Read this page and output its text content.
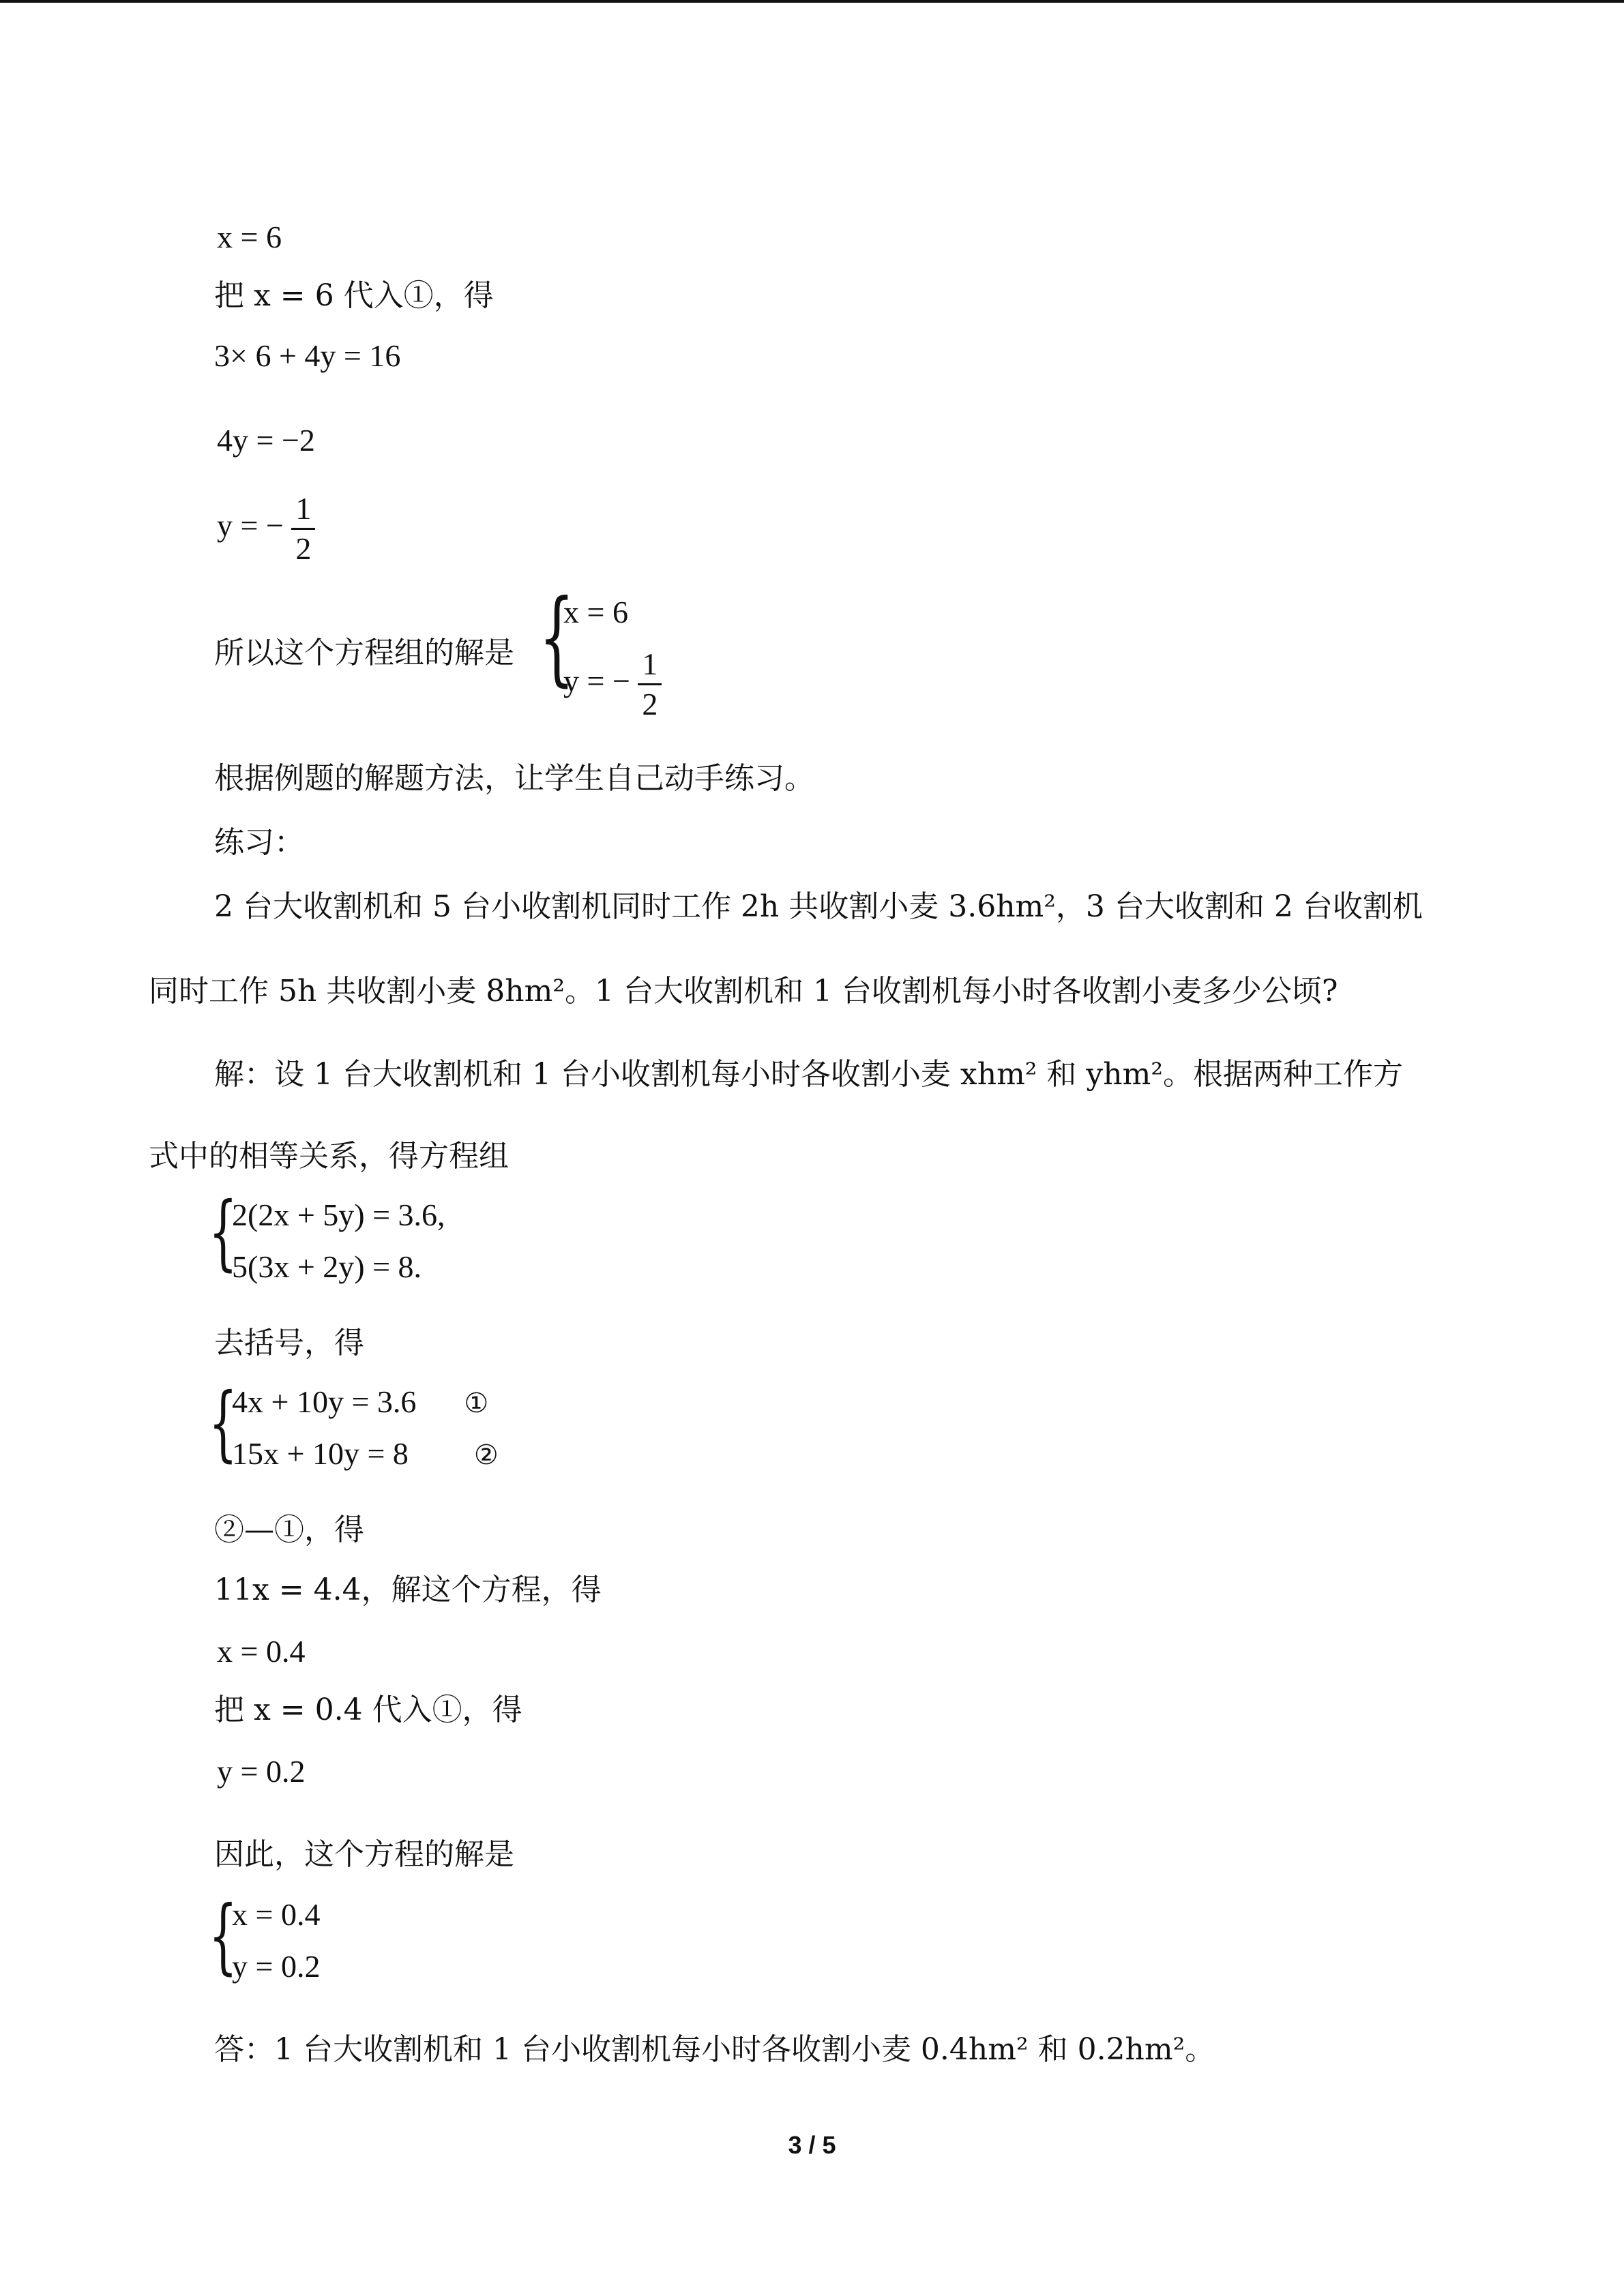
x = 6
把 x = 6 代入①，得
3× 6 + 4y = 16
4y = −2
y = − $\frac{1}{2}$
所以这个方程组的解是 {
x = 6
y = − $\frac{1}{2}$
根据例题的解题方法，让学生自己动手练习。
练习：
2 台大收割机和 5 台小收割机同时工作 2h 共收割小麦 3.6hm²，3 台大收割和 2 台收割机
同时工作 5h 共收割小麦 8hm²。1 台大收割机和 1 台收割机每小时各收割小麦多少公顷?
解：设 1 台大收割机和 1 台小收割机每小时各收割小麦 xhm² 和 yhm²。根据两种工作方
式中的相等关系，得方程组
{
2(2x + 5y) = 3.6,
5(3x + 2y) = 8.
去括号，得
{
4x + 10y = 3.6 ①
15x + 10y = 8 ②
②—①，得
11x = 4.4，解这个方程，得
x = 0.4
把 x = 0.4 代入①，得
y = 0.2
因此，这个方程的解是
{
x = 0.4
y = 0.2
答：1 台大收割机和 1 台小收割机每小时各收割小麦 0.4hm² 和 0.2hm²。
3 / 5
